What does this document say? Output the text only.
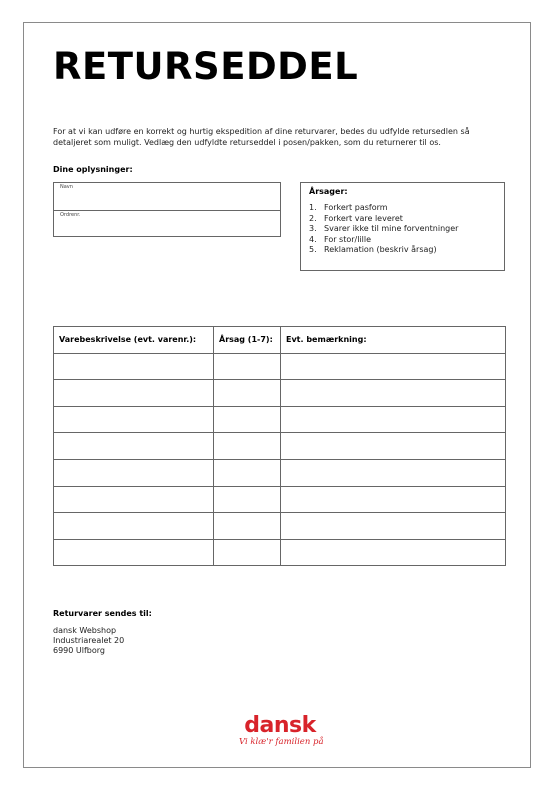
RETURSEDDEL

For at vi kan udføre en korrekt og hurtig ekspedition af dine returvarer, bedes du udfylde retursedlen så detaljeret som muligt. Vedlæg den udfyldte returseddel i posen/pakken, som du returnerer til os.

Dine oplysninger:

Navn
Ordrenr.

Årsager:

1. Forkert pasform
2. Forkert vare leveret
3. Svarer ikke til mine forventninger
4. For stor/lille
5. Reklamation (beskriv årsag)
Varebeskrivelse (evt. varenr.):	Årsag (1-7):	Evt. bemærkning:

Returvarer sendes til:

dansk Webshop
Industriarealet 20
6990 Ulfborg
dansk
Vi klæ'r familien på
